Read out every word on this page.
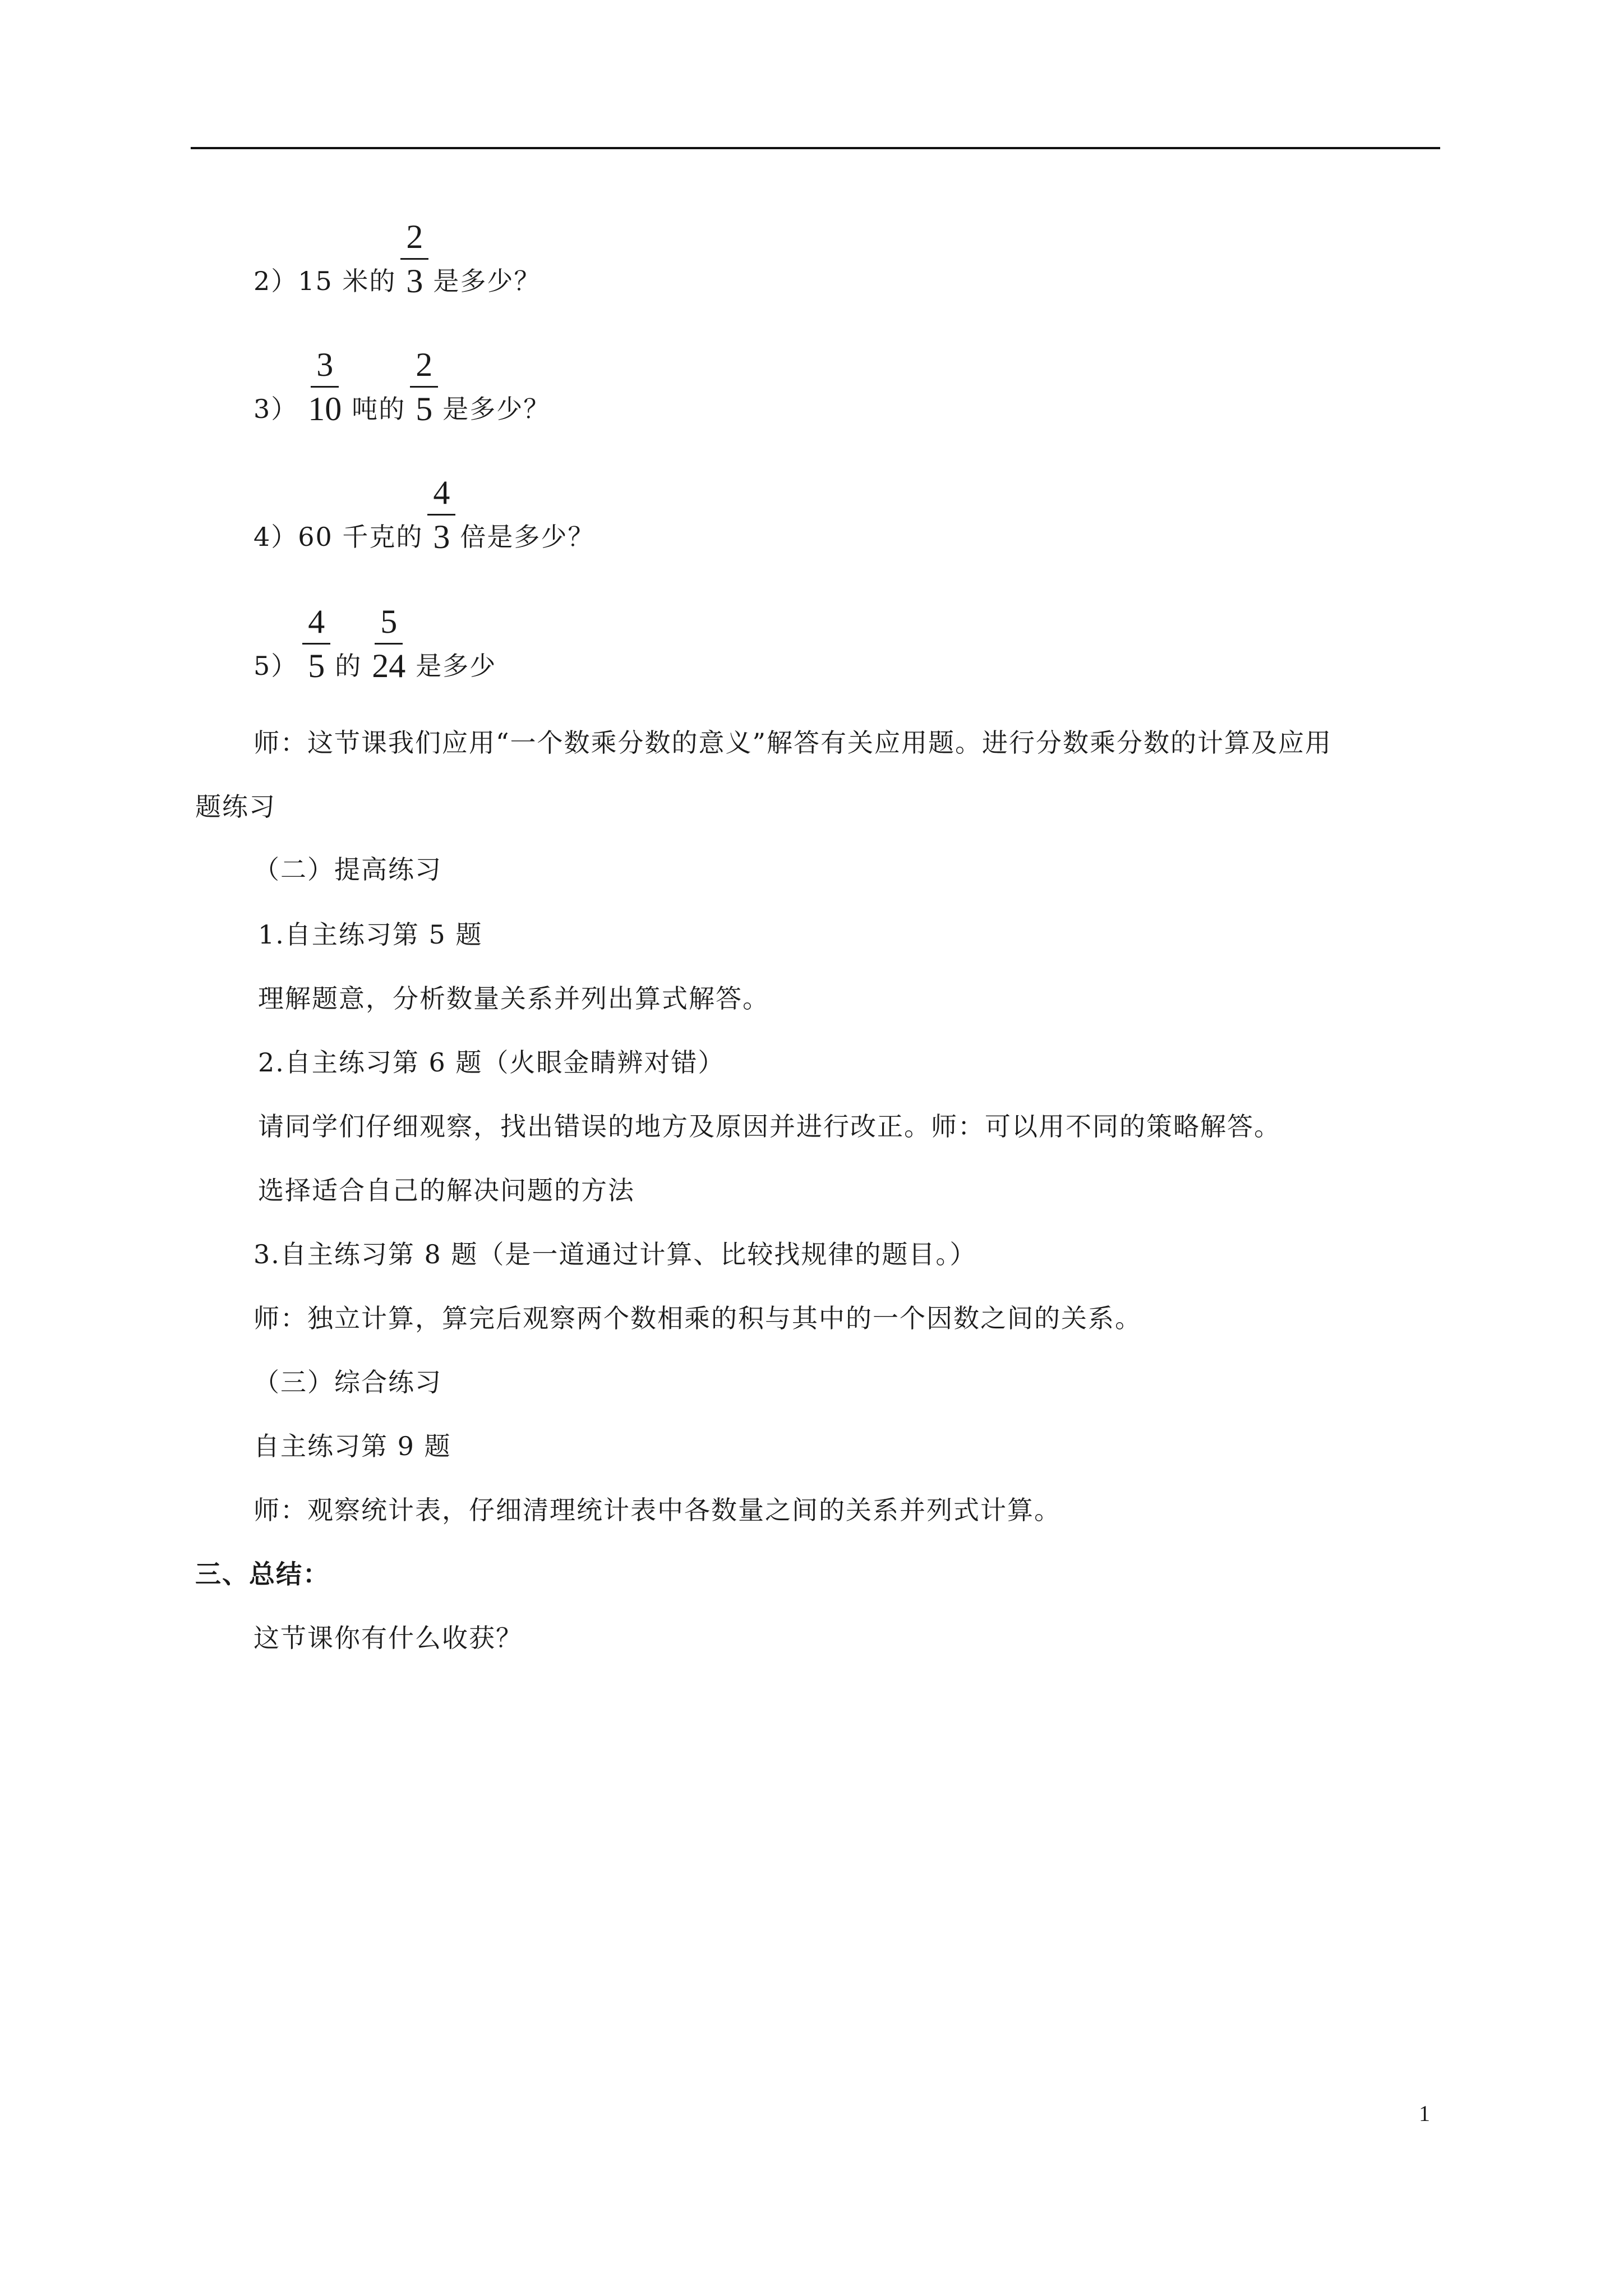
2）15 米的 $\frac{2}{3}$ 是多少？
$3) \frac{3}{10}$ 吨的 $\frac{2}{5}$ 是多少？
4）60 千克的 $\frac{4}{3}$ 倍是多少？
$5) \frac{4}{5}$ 的 $\frac{5}{24}$ 是多少
师：这节课我们应用“一个数乘分数的意义”解答有关应用题。进行分数乘分数的计算及应用
题练习
（二）提高练习
1.自主练习第 5 题
理解题意，分析数量关系并列出算式解答。
2.自主练习第 6 题（火眼金睛辨对错）
请同学们仔细观察，找出错误的地方及原因并进行改正。师：可以用不同的策略解答。
选择适合自己的解决问题的方法
3.自主练习第 8 题（是一道通过计算、比较找规律的题目。）
师：独立计算，算完后观察两个数相乘的积与其中的一个因数之间的关系。
（三）综合练习
自主练习第 9 题
师：观察统计表，仔细清理统计表中各数量之间的关系并列式计算。
三、总结：
这节课你有什么收获？
1
